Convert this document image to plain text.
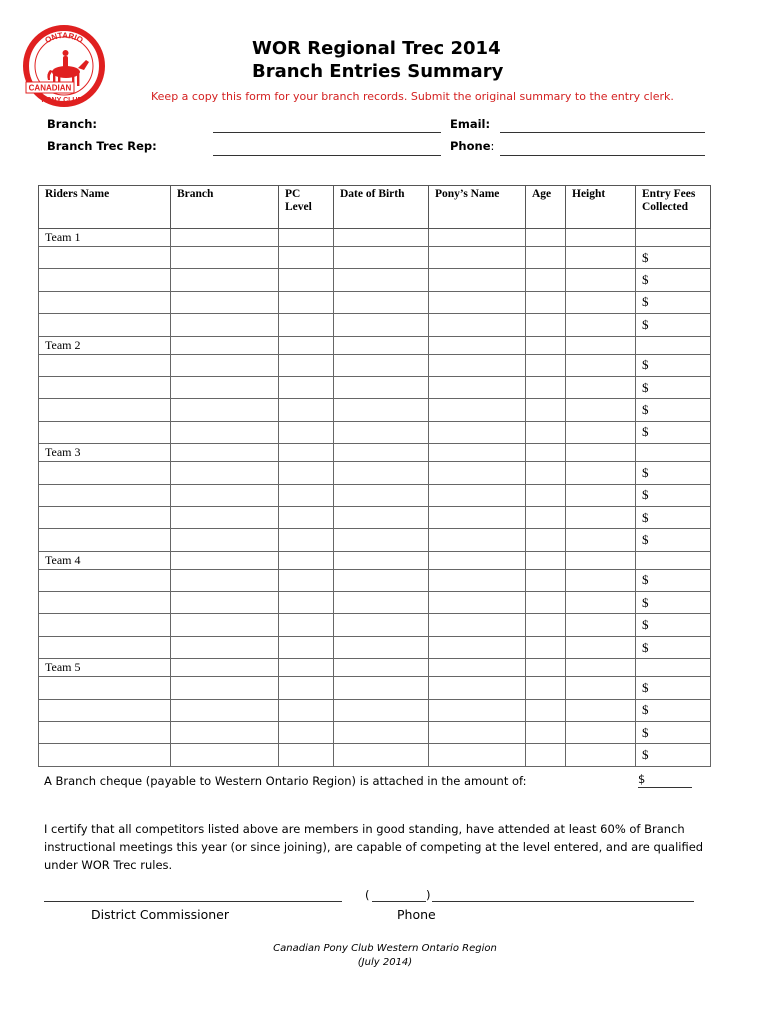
ONTARIO
CANADIAN
PONY CLUB
WOR Regional Trec 2014
Branch Entries Summary
Keep a copy this form for your branch records. Submit the original summary to the entry clerk.
Branch:	Email:
Branch Trec Rep:	Phone:
Riders Name	Branch	PC Level	Date of Birth	Pony’s Name	Age	Height	Entry Fees Collected
Team 1							
							$
							$
							$
							$
Team 2							
							$
							$
							$
							$
Team 3							
							$
							$
							$
							$
Team 4							
							$
							$
							$
							$
Team 5							
							$
							$
							$
							$
A Branch cheque (payable to Western Ontario Region) is attached in the amount of:	$
I certify that all competitors listed above are members in good standing, have attended at least 60% of Branch instructional meetings this year (or since joining), are capable of competing at the level entered, and are qualified under WOR Trec rules.
(	)
District Commissioner	Phone
Canadian Pony Club Western Ontario Region
(July 2014)
